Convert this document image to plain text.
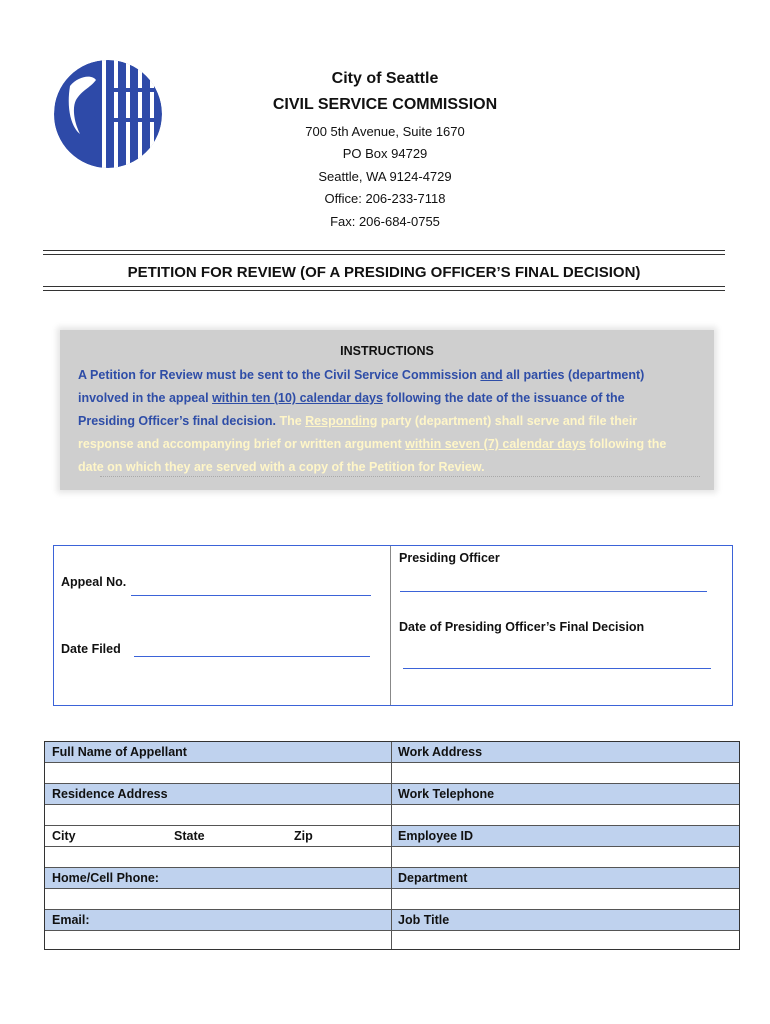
City of Seattle
CIVIL SERVICE COMMISSION
700 5th Avenue, Suite 1670
PO Box 94729
Seattle, WA 9124-4729
Office: 206-233-7118
Fax: 206-684-0755
PETITION FOR REVIEW (OF A PRESIDING OFFICER’S FINAL DECISION)
INSTRUCTIONS
A Petition for Review must be sent to the Civil Service Commission and all parties (department)
involved in the appeal within ten (10) calendar days following the date of the issuance of the
Presiding Officer’s final decision. The Responding party (department) shall serve and file their
response and accompanying brief or written argument within seven (7) calendar days following the
date on which they are served with a copy of the Petition for Review.
Appeal No.
Date Filed
Presiding Officer
Date of Presiding Officer’s Final Decision
Full Name of Appellant	Work Address
Residence Address	Work Telephone
City	State	Zip	Employee ID
Home/Cell Phone:	Department
Email:	Job Title
